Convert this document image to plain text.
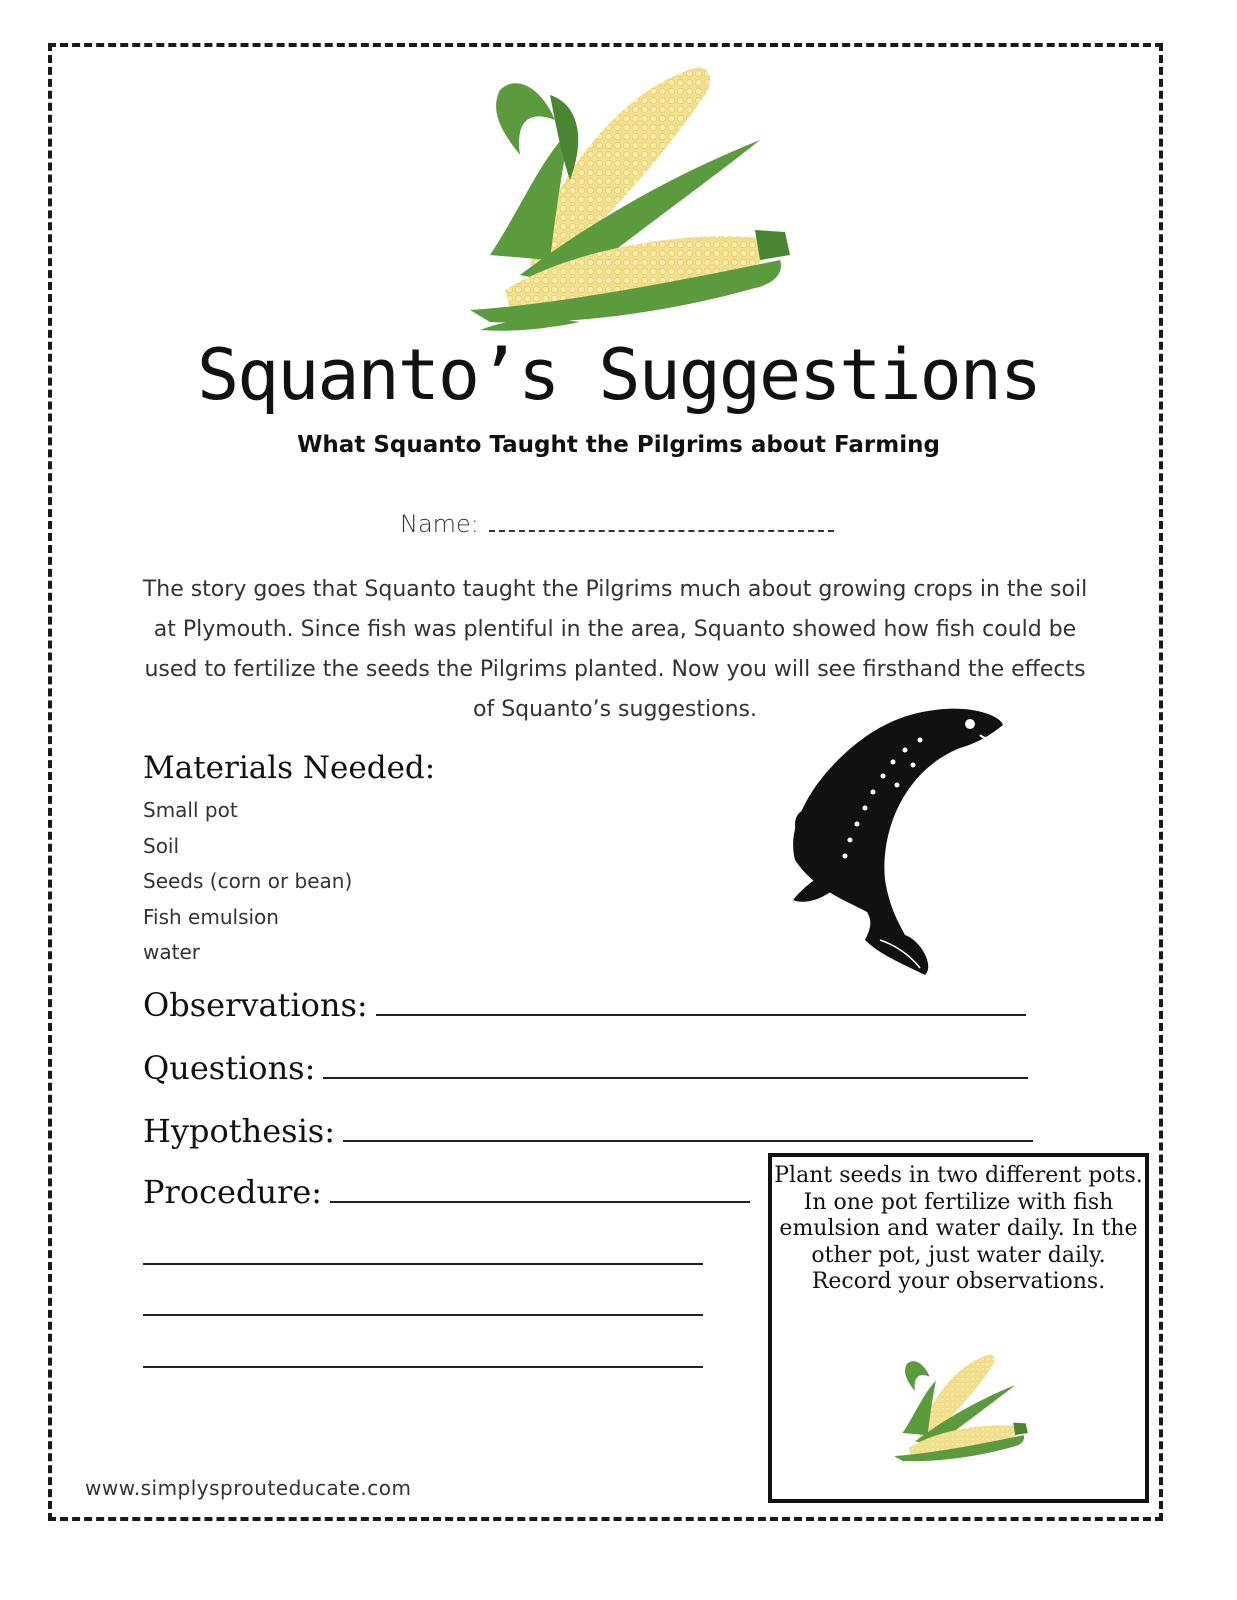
Squanto’s Suggestions
What Squanto Taught the Pilgrims about Farming
Name:
The story goes that Squanto taught the Pilgrims much about growing crops in the soil at Plymouth. Since fish was plentiful in the area, Squanto showed how fish could be used to fertilize the seeds the Pilgrims planted. Now you will see firsthand the effects of Squanto’s suggestions.
Materials Needed:
Small pot
Soil
Seeds (corn or bean)
Fish emulsion
water
Observations:
Questions:
Hypothesis:
Procedure:	Plant seeds in two different pots. In one pot fertilize with fish emulsion and water daily. In the other pot, just water daily. Record your observations.
www.simplysprouteducate.com
